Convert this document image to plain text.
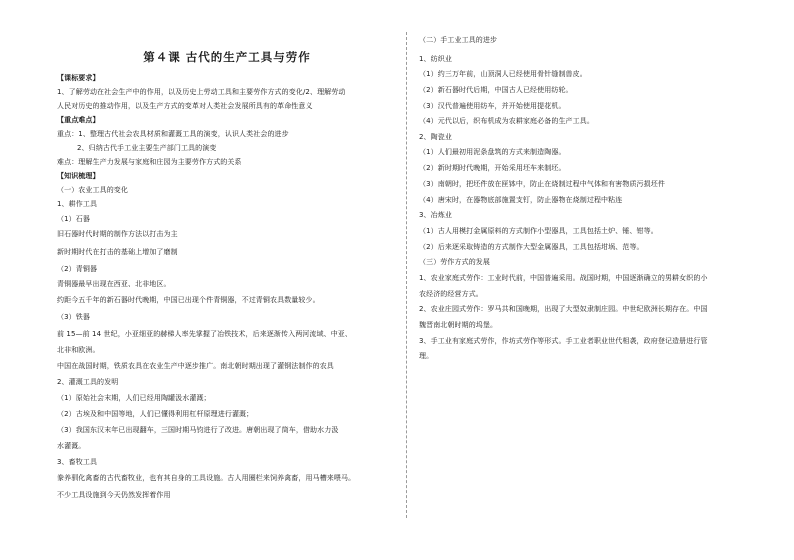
第４课 古代的生产工具与劳作
【课标要求】
1、了解劳动在社会生产中的作用，以及历史上劳动工具和主要劳作方式的变化/2、理解劳动
人民对历史的推动作用，以及生产方式的变革对人类社会发展所具有的革命性意义
【重点难点】
重点：1、整理古代社会农具材质和灌溉工具的演变，认识人类社会的进步
2、归纳古代手工业主要生产部门工具的演变
难点：理解生产力发展与家庭和庄园为主要劳作方式的关系
【知识梳理】
（一）农业工具的变化
1、耕作工具
（1）石器
旧石器时代时期的制作方法以打击为主
新时期时代在打击的基础上增加了磨制
（2）青铜器
青铜器最早出现在西亚、北非地区。
约距今五千年的新石器时代晚期，中国已出现个件青铜器，不过青铜农具数量较少。
（3）铁器
前 15—前 14 世纪，小亚细亚的赫梯人率先掌握了冶铁技术，后来逐渐传入两河流域、中亚、
北非和欧洲。
中国在战国时期，铁质农具在农业生产中逐步推广。南北朝时期出现了灌钢法制作的农具
2、灌溉工具的发明
（1）原始社会末期，人们已经用陶罐汲水灌溉；
（2）古埃及和中国等地，人们已懂得利用杠杆原理进行灌溉；
（3）我国东汉末年已出现翻车，三国时期马钧进行了改进。唐朝出现了筒车，借助水力汲
水灌溉。
3、畜牧工具
豢养驯化禽畜的古代畜牧业，也有其自身的工具设施。古人用圈栏来饲养禽畜，用马槽来喂马。
不少工具设施到今天仍然发挥着作用
（二）手工业工具的进步
1、纺织业
（1）约三万年前，山顶洞人已经使用骨针缝制兽皮。
（2）新石器时代后期，中国古人已经使用纺轮。
（3）汉代普遍使用纺车，并开始使用提花机。
（4）元代以后，织布机成为农耕家庭必备的生产工具。
2、陶瓷业
（1）人们最初用泥条盘筑的方式来制造陶器。
（2）新时期时代晚期，开始采用坯车来制坯。
（3）南朝时，把坯件放在匣钵中，防止在烧制过程中气体和有害物质污损坯件
（4）唐宋时，在器物底部施置支钉，防止器物在烧制过程中粘连
3、冶炼业
（1）古人用模打金属原料的方式制作小型器具，工具包括土炉、锤、钳等。
（2）后来逐采取铸造的方式制作大型金属器具，工具包括坩埚、范等。
（三）劳作方式的发展
1、农业家庭式劳作：工业时代前，中国普遍采用。战国时期，中国逐渐确立的男耕女织的小
农经济的经营方式。
2、农业庄园式劳作：罗马共和国晚期，出现了大型奴隶制庄园。中世纪欧洲长期存在。中国
魏晋南北朝时期的坞堡。
3、手工业有家庭式劳作，作坊式劳作等形式。手工业者职业世代相袭，政府登记造册进行管
理。
